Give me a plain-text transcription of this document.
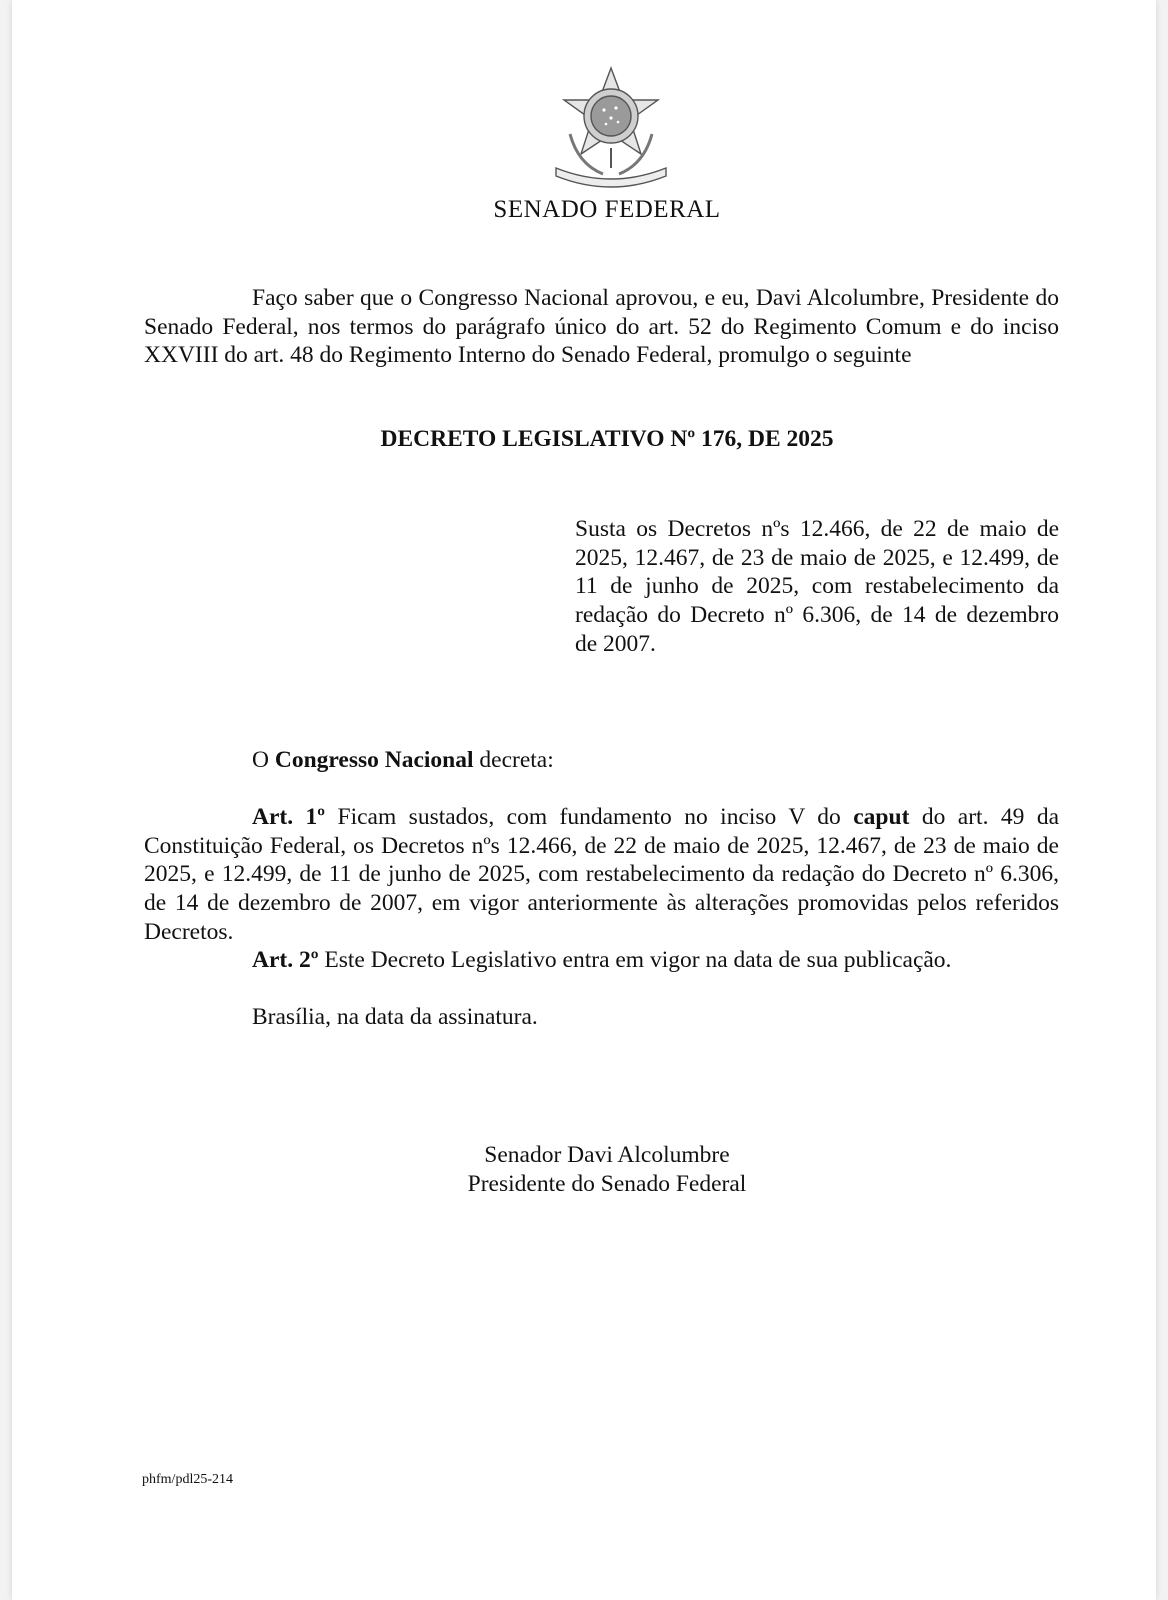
SENADO FEDERAL

Faço saber que o Congresso Nacional aprovou, e eu, Davi Alcolumbre, Presidente do Senado Federal, nos termos do parágrafo único do art. 52 do Regimento Comum e do inciso XXVIII do art. 48 do Regimento Interno do Senado Federal, promulgo o seguinte

DECRETO LEGISLATIVO Nº 176, DE 2025

Susta os Decretos nºs 12.466, de 22 de maio de 2025, 12.467, de 23 de maio de 2025, e 12.499, de 11 de junho de 2025, com restabelecimento da redação do Decreto nº 6.306, de 14 de dezembro de 2007.

O Congresso Nacional decreta:

Art. 1º Ficam sustados, com fundamento no inciso V do caput do art. 49 da Constituição Federal, os Decretos nºs 12.466, de 22 de maio de 2025, 12.467, de 23 de maio de 2025, e 12.499, de 11 de junho de 2025, com restabelecimento da redação do Decreto nº 6.306, de 14 de dezembro de 2007, em vigor anteriormente às alterações promovidas pelos referidos Decretos.

Art. 2º Este Decreto Legislativo entra em vigor na data de sua publicação.

Brasília, na data da assinatura.

Senador Davi Alcolumbre
Presidente do Senado Federal
phfm/pdl25-214
